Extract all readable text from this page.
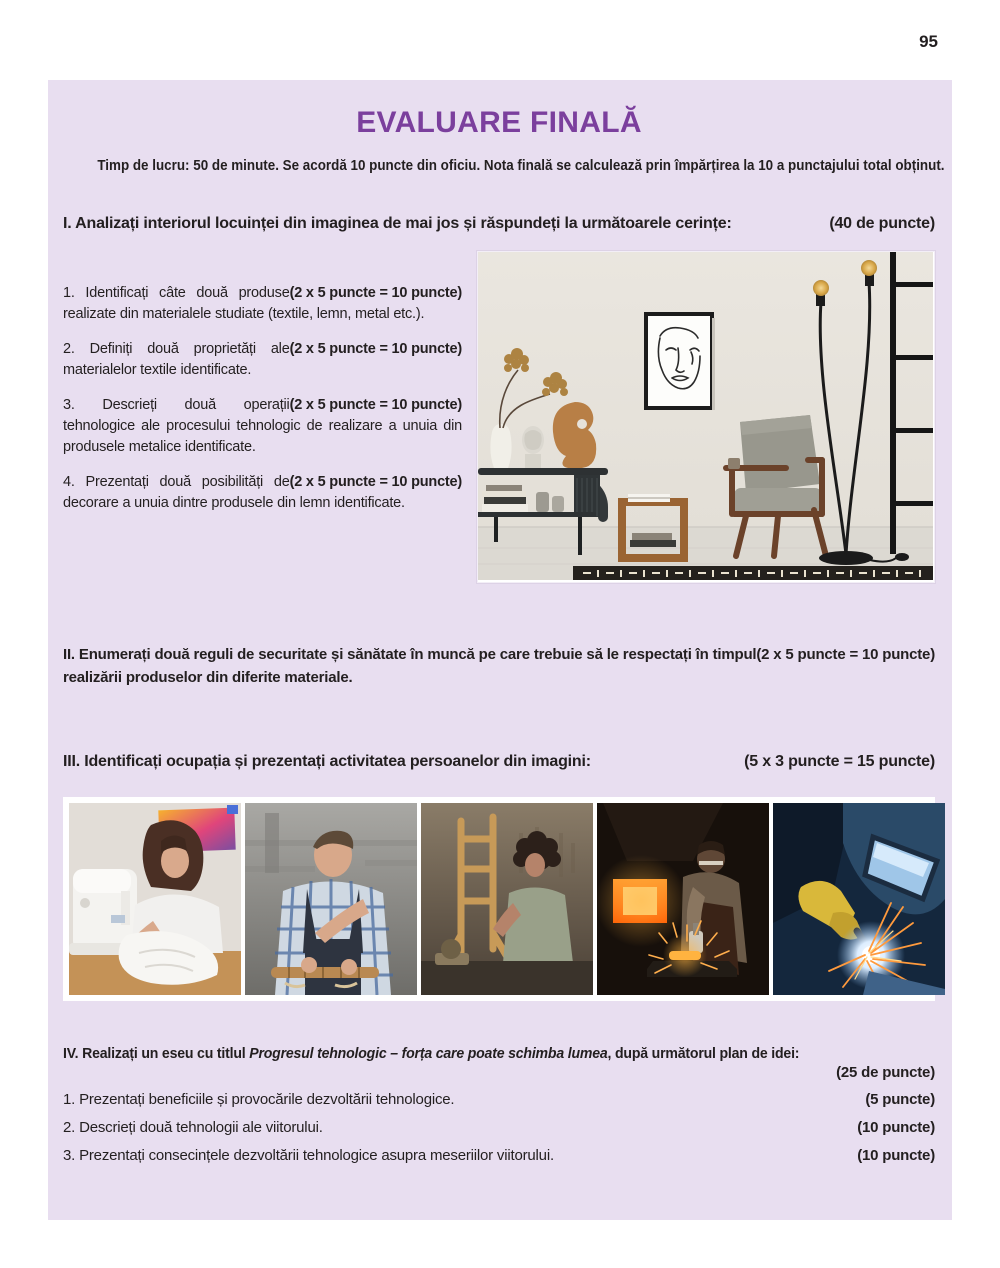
95
EVALUARE FINALĂ
Timp de lucru: 50 de minute. Se acordă 10 puncte din oficiu. Nota finală se calculează prin împărțirea la 10 a punctajului total obținut.
I. Analizați interiorul locuinței din imaginea de mai jos și răspundeți la următoarele cerințe:	(40 de puncte)

(2 x 5 puncte = 10 puncte)
1. Identificați câte două produse realizate din materialele studiate (textile, lemn, metal etc.).

(2 x 5 puncte = 10 puncte)
2. Definiți două proprietăți ale materialelor textile identificate.

(2 x 5 puncte = 10 puncte)
3. Descrieți două operații tehnologice ale procesului tehnologic de realizare a unuia din produsele metalice identificate.

(2 x 5 puncte = 10 puncte)
4. Prezentați două posibilități de decorare a unuia dintre produsele din lemn identificate.

(2 x 5 puncte = 10 puncte)
II. Enumerați două reguli de securitate și sănătate în muncă pe care trebuie să le respectați în timpul realizării produselor din diferite materiale.

III. Identificați ocupația și prezentați activitatea persoanelor din imagini:	(5 x 3 puncte = 15 puncte)
IV. Realizați un eseu cu titlul Progresul tehnologic – forța care poate schimba lumea, după următorul plan de idei:
(25 de puncte)
1. Prezentați beneficiile și provocările dezvoltării tehnologice.	(5 puncte)
2. Descrieți două tehnologii ale viitorului.	(10 puncte)
3. Prezentați consecințele dezvoltării tehnologice asupra meseriilor viitorului.	(10 puncte)
